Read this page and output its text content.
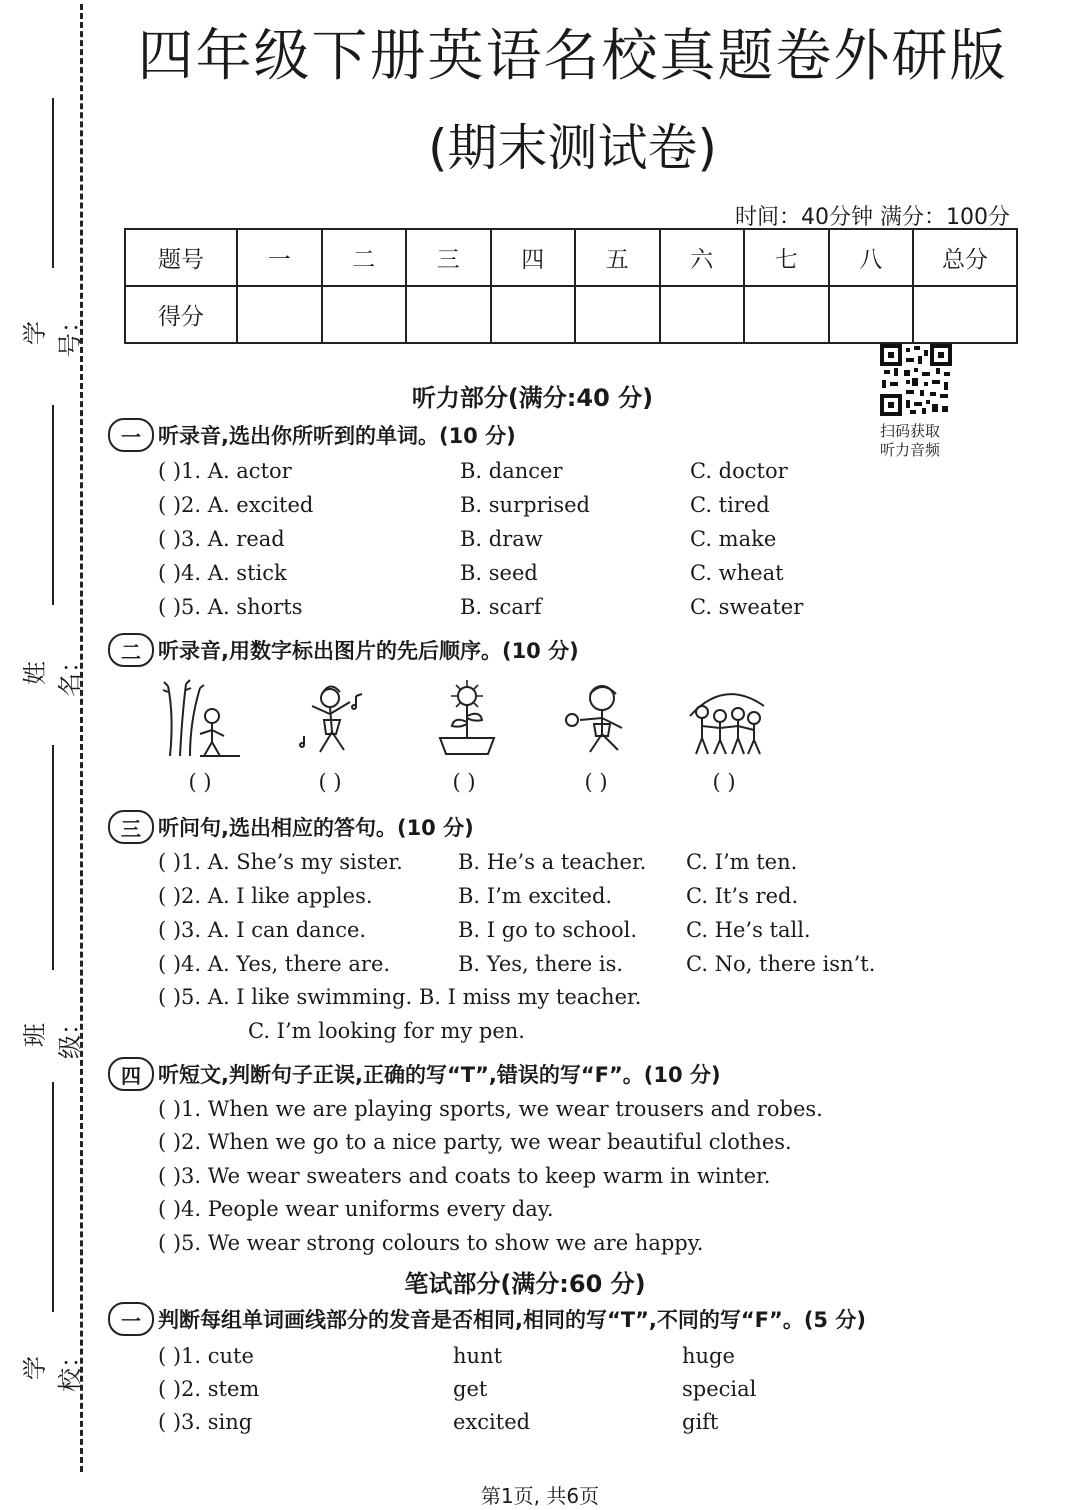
学号：
姓名：
班级：
学校：
四年级下册英语名校真题卷外研版
(期末测试卷)
时间：40分钟 满分：100分
题号	一	二	三	四	五	六	七	八	总分
得分									
扫码获取
听力音频
听力部分(满分:40 分)
一 听录音,选出你所听到的单词。(10 分)
( )1. A. actor	B. dancer	C. doctor
( )2. A. excited	B. surprised	C. tired
( )3. A. read	B. draw	C. make
( )4. A. stick	B. seed	C. wheat
( )5. A. shorts	B. scarf	C. sweater
二 听录音,用数字标出图片的先后顺序。(10 分)
( )	( )	( )	( )	( )
三 听问句,选出相应的答句。(10 分)
( )1. A. She’s my sister.	B. He’s a teacher. C. I’m ten.
( )2. A. I like apples.	B. I’m excited.	C. It’s red.
( )3. A. I can dance.	B. I go to school. C. He’s tall.
( )4. A. Yes, there are.	B. Yes, there is.	C. No, there isn’t.
( )5. A. I like swimming. B. I miss my teacher.
C. I’m looking for my pen.
四 听短文,判断句子正误,正确的写“T”,错误的写“F”。(10 分)
( )1. When we are playing sports, we wear trousers and robes.
( )2. When we go to a nice party, we wear beautiful clothes.
( )3. We wear sweaters and coats to keep warm in winter.
( )4. People wear uniforms every day.
( )5. We wear strong colours to show we are happy.
笔试部分(满分:60 分)
一 判断每组单词画线部分的发音是否相同,相同的写“T”,不同的写“F”。(5 分)
( )1. cute	hunt	huge
( )2. stem	get	special
( )3. sing	excited	gift
第1页, 共6页
